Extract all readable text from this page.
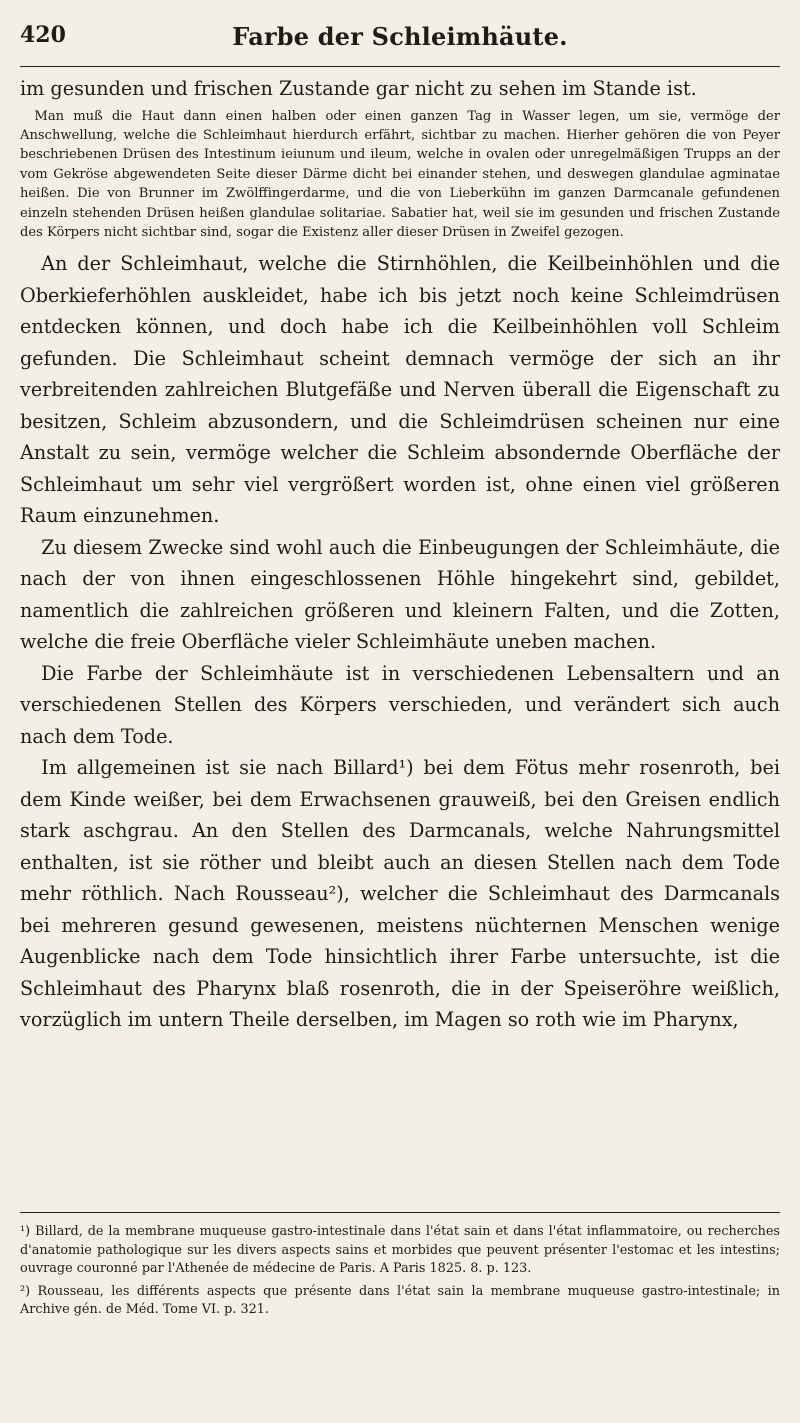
420	Farbe der Schleimhäute.

im gesunden und frischen Zustande gar nicht zu sehen im Stande ist.

Man muß die Haut dann einen halben oder einen ganzen Tag in Wasser legen, um sie, vermöge der Anschwellung, welche die Schleimhaut hierdurch erfährt, sichtbar zu machen. Hierher gehören die von Peyer beschriebenen Drüsen des Intestinum ieiunum und ileum, welche in ovalen oder unregelmäßigen Trupps an der vom Gekröse abgewendeten Seite dieser Därme dicht bei einander stehen, und deswegen glandulae agminatae heißen. Die von Brunner im Zwölffingerdarme, und die von Lieberkühn im ganzen Darmcanale gefundenen einzeln stehenden Drüsen heißen glandulae solitariae. Sabatier hat, weil sie im gesunden und frischen Zustande des Körpers nicht sichtbar sind, sogar die Existenz aller dieser Drüsen in Zweifel gezogen.

An der Schleimhaut, welche die Stirnhöhlen, die Keilbeinhöhlen und die Oberkieferhöhlen auskleidet, habe ich bis jetzt noch keine Schleimdrüsen entdecken können, und doch habe ich die Keilbeinhöhlen voll Schleim gefunden. Die Schleimhaut scheint demnach vermöge der sich an ihr verbreitenden zahlreichen Blutgefäße und Nerven überall die Eigenschaft zu besitzen, Schleim abzusondern, und die Schleimdrüsen scheinen nur eine Anstalt zu sein, vermöge welcher die Schleim absondernde Oberfläche der Schleimhaut um sehr viel vergrößert worden ist, ohne einen viel größeren Raum einzunehmen.

Zu diesem Zwecke sind wohl auch die Einbeugungen der Schleimhäute, die nach der von ihnen eingeschlossenen Höhle hingekehrt sind, gebildet, namentlich die zahlreichen größeren und kleinern Falten, und die Zotten, welche die freie Oberfläche vieler Schleimhäute uneben machen.

Die Farbe der Schleimhäute ist in verschiedenen Lebensaltern und an verschiedenen Stellen des Körpers verschieden, und verändert sich auch nach dem Tode.

Im allgemeinen ist sie nach Billard¹) bei dem Fötus mehr rosenroth, bei dem Kinde weißer, bei dem Erwachsenen grauweiß, bei den Greisen endlich stark aschgrau. An den Stellen des Darmcanals, welche Nahrungsmittel enthalten, ist sie röther und bleibt auch an diesen Stellen nach dem Tode mehr röthlich. Nach Rousseau²), welcher die Schleimhaut des Darmcanals bei mehreren gesund gewesenen, meistens nüchternen Menschen wenige Augenblicke nach dem Tode hinsichtlich ihrer Farbe untersuchte, ist die Schleimhaut des Pharynx blaß rosenroth, die in der Speiseröhre weißlich, vorzüglich im untern Theile derselben, im Magen so roth wie im Pharynx,

¹) Billard, de la membrane muqueuse gastro-intestinale dans l'état sain et dans l'état inflammatoire, ou recherches d'anatomie pathologique sur les divers aspects sains et morbides que peuvent présenter l'estomac et les intestins; ouvrage couronné par l'Athenée de médecine de Paris. A Paris 1825. 8. p. 123.

²) Rousseau, les différents aspects que présente dans l'état sain la membrane muqueuse gastro-intestinale; in Archive gén. de Méd. Tome VI. p. 321.
